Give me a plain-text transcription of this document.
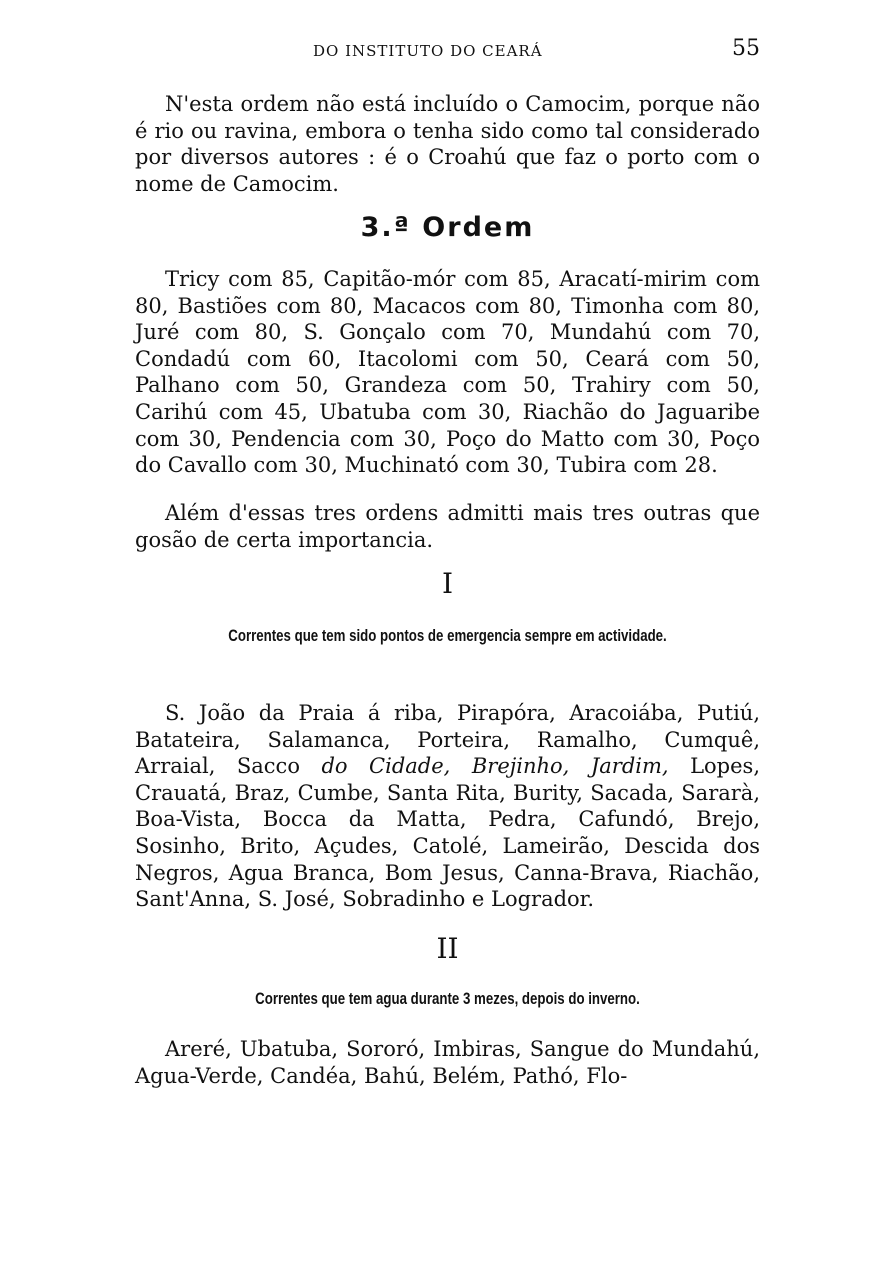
DO INSTITUTO DO CEARÁ	55

N'esta ordem não está incluído o Camocim, porque não é rio ou ravina, embora o tenha sido como tal considerado por diversos autores : é o Croahú que faz o porto com o nome de Camocim.

3.ª Ordem

Tricy com 85, Capitão-mór com 85, Aracatí-mirim com 80, Bastiões com 80, Macacos com 80, Timonha com 80, Juré com 80, S. Gonçalo com 70, Mundahú com 70, Condadú com 60, Itacolomi com 50, Ceará com 50, Palhano com 50, Grandeza com 50, Trahiry com 50, Carihú com 45, Ubatuba com 30, Riachão do Jaguaribe com 30, Pendencia com 30, Poço do Matto com 30, Poço do Cavallo com 30, Muchinató com 30, Tubira com 28.

Além d'essas tres ordens admitti mais tres outras que gosão de certa importancia.

I
Correntes que tem sido pontos de emergencia sempre em actividade.

S. João da Praia á riba, Pirapóra, Aracoiába, Putiú, Batateira, Salamanca, Porteira, Ramalho, Cumquê, Arraial, Sacco do Cidade, Brejinho, Jardim, Lopes, Crauatá, Braz, Cumbe, Santa Rita, Burity, Sacada, Sararà, Boa-Vista, Bocca da Matta, Pedra, Cafundó, Brejo, Sosinho, Brito, Açudes, Catolé, Lameirão, Descida dos Negros, Agua Branca, Bom Jesus, Canna-Brava, Riachão, Sant'Anna, S. José, Sobradinho e Logrador.

II
Correntes que tem agua durante 3 mezes, depois do inverno.

Areré, Ubatuba, Sororó, Imbiras, Sangue do Mundahú, Agua-Verde, Candéa, Bahú, Belém, Pathó, Flo-
